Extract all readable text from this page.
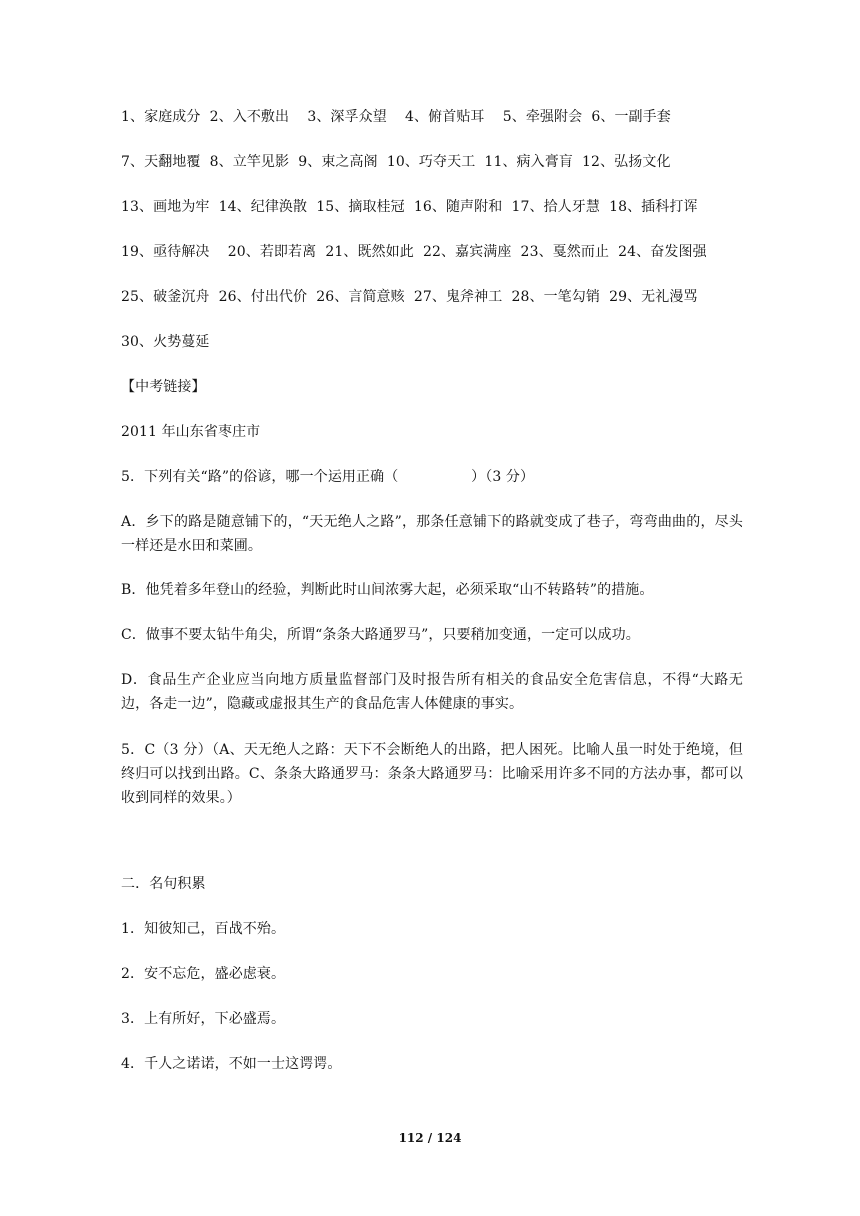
1、家庭成分  2、入不敷出    3、深孚众望    4、俯首贴耳    5、牵强附会  6、一副手套
7、天翻地覆  8、立竿见影  9、束之高阁  10、巧夺天工  11、病入膏肓  12、弘扬文化
13、画地为牢  14、纪律涣散  15、摘取桂冠  16、随声附和  17、拾人牙慧  18、插科打诨
19、亟待解决    20、若即若离  21、既然如此  22、嘉宾满座  23、戛然而止  24、奋发图强
25、破釜沉舟  26、付出代价  26、言简意赅  27、鬼斧神工  28、一笔勾销  29、无礼漫骂
30、火势蔓延
【中考链接】
2011 年山东省枣庄市
5．下列有关“路”的俗谚，哪一个运用正确（                ）（3 分）
A．乡下的路是随意铺下的，“天无绝人之路”，那条任意铺下的路就变成了巷子，弯弯曲曲的，尽头一样还是水田和菜圃。
B．他凭着多年登山的经验，判断此时山间浓雾大起，必须采取“山不转路转”的措施。
C．做事不要太钻牛角尖，所谓“条条大路通罗马”，只要稍加变通，一定可以成功。
D．食品生产企业应当向地方质量监督部门及时报告所有相关的食品安全危害信息，不得“大路无边，各走一边”，隐藏或虚报其生产的食品危害人体健康的事实。
5．C（3 分）（A、天无绝人之路：天下不会断绝人的出路，把人困死。比喻人虽一时处于绝境，但终归可以找到出路。C、条条大路通罗马：条条大路通罗马：比喻采用许多不同的方法办事，都可以收到同样的效果。）
二．名句积累
1．知彼知己，百战不殆。
2．安不忘危，盛必虑衰。
3．上有所好，下必盛焉。
4．千人之诺诺，不如一士这谔谔。
112 / 124
